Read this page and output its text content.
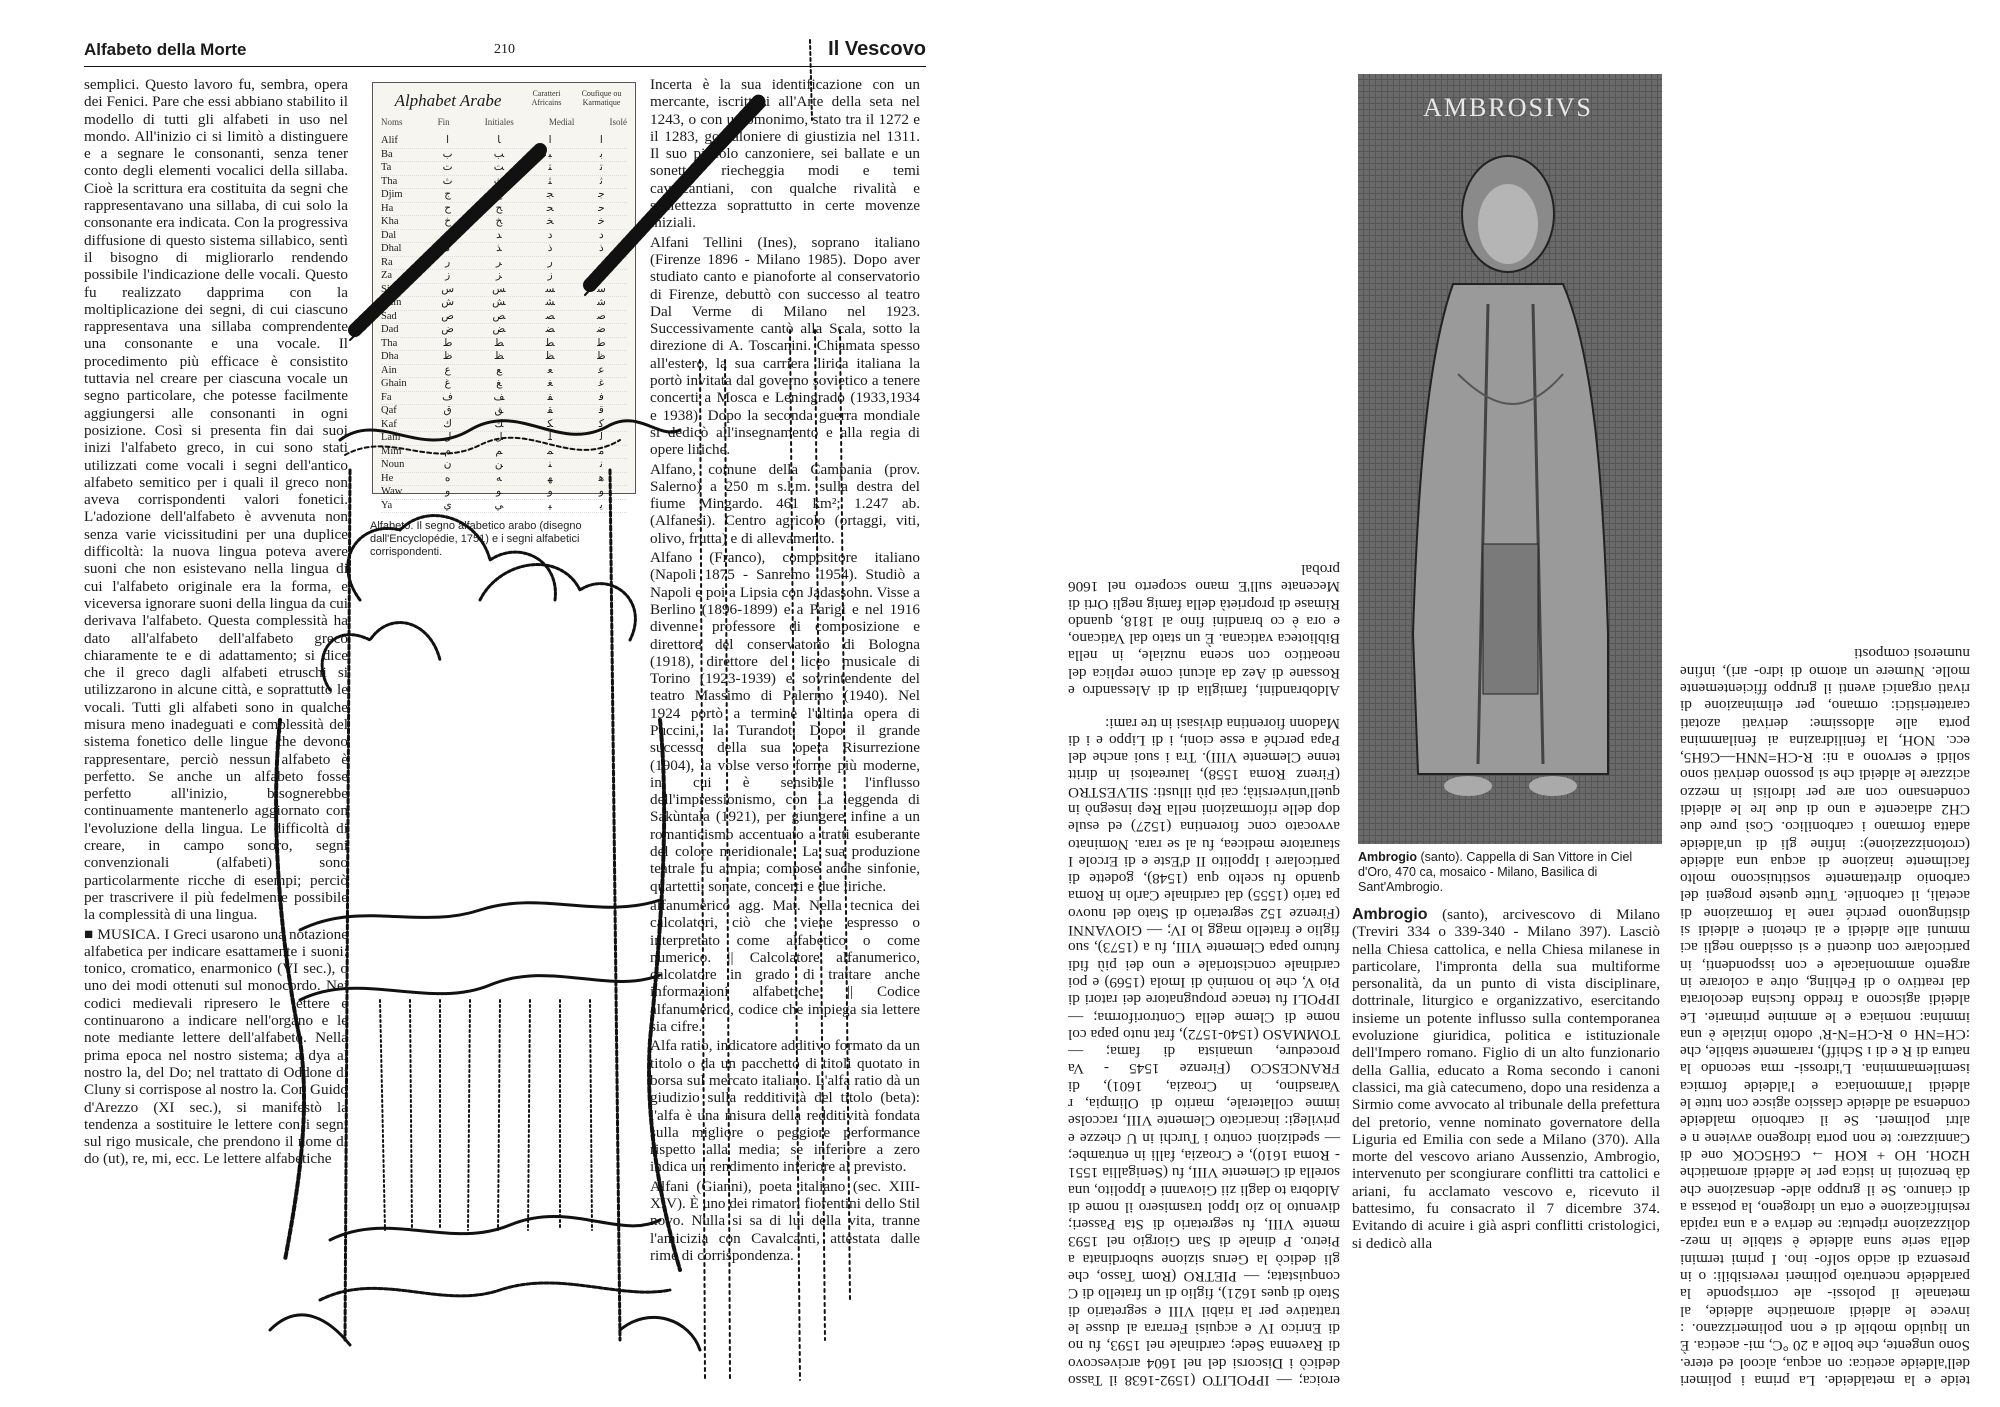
Alfabeto della Morte	210	Il Vescovo

semplici. Questo lavoro fu, sembra, opera dei Fenici. Pare che essi abbiano stabilito il modello di tutti gli alfabeti in uso nel mondo. All'inizio ci si limitò a distinguere e a segnare le consonanti, senza tener conto degli elementi vocalici della sillaba. Cioè la scrittura era costituita da segni che rappresentavano una sillaba, di cui solo la consonante era indicata. Con la progressiva diffusione di questo sistema sillabico, sentì il bisogno di migliorarlo rendendo possibile l'indicazione delle vocali. Questo fu realizzato dapprima con la moltiplicazione dei segni, di cui ciascuno rappresentava una sillaba comprendente una consonante e una vocale. Il procedimento più efficace è consistito tuttavia nel creare per ciascuna vocale un segno particolare, che potesse facilmente aggiungersi alle consonanti in ogni posizione. Così si presenta fin dai suoi inizi l'alfabeto greco, in cui sono stati utilizzati come vocali i segni dell'antico alfabeto semitico per i quali il greco non aveva corrispondenti valori fonetici. L'adozione dell'alfabeto è avvenuta non senza varie vicissitudini per una duplice difficoltà: la nuova lingua poteva avere suoni che non esistevano nella lingua di cui l'alfabeto originale era la forma, e viceversa ignorare suoni della lingua da cui derivava l'alfabeto. Questa complessità ha dato all'alfabeto dell'alfabeto greco chiaramente te e di adattamento; si dice che il greco dagli alfabeti etruschi si utilizzarono in alcune città, e soprattutto le vocali. Tutti gli alfabeti sono in qualche misura meno inadeguati e complessità del sistema fonetico delle lingue che devono rappresentare, perciò nessun alfabeto è perfetto. Se anche un alfabeto fosse perfetto all'inizio, bisognerebbe continuamente mantenerlo aggiornato con l'evoluzione della lingua. Le difficoltà di creare, in campo sonoro, segni convenzionali (alfabeti) sono particolarmente ricche di esempi; perciò per trascrivere il più fedelmente possibile la complessità di una lingua.

■ MUSICA. I Greci usarono una notazione alfabetica per indicare esattamente i suoni: tonico, cromatico, enarmonico (VI sec.), o uno dei modi ottenuti sul monocordo. Nei codici medievali ripresero le lettere e continuarono a indicare nell'organo e le note mediante lettere dell'alfabeto. Nella prima epoca nel nostro sistema; a dya al nostro la, del Do; nel trattato di Oddone di Cluny si corrispose al nostro la. Con Guido d'Arezzo (XI sec.), si manifestò la tendenza a sostituire le lettere con i segni sul rigo musicale, che prendono il nome di do (ut), re, mi, ecc. Le lettere alfabetiche

Alphabet Arabe	Caratteri Africains
Coufique ou Karmatique
Noms	Fin	Initiales	Medial	Isolé
Alif	ا	ﺎ	ا	ا
Ba	ب	ﺐ	ﺒ	ﺑ
Ta	ت	ﺖ	ﺘ	ﺗ
Tha	ث	ﺚ	ﺜ	ﺛ
Djim	ج	ﺞ	ﺠ	ﺟ
Ha	ح	ﺢ	ﺤ	ﺣ
Kha	خ	ﺦ	ﺨ	ﺧ
Dal	د	ﺪ	د	د
Dhal	ذ	ﺬ	ذ	ذ
Ra	ر	ﺮ	ر	ر
Za	ز	ﺰ	ز	ز
Sin	س	ﺲ	ﺴ	ﺳ
Chin	ش	ﺶ	ﺸ	ﺷ
Sad	ص	ﺺ	ﺼ	ﺻ
Dad	ض	ﺾ	ﻀ	ﺿ
Tha	ط	ﻂ	ﻄ	ﻃ
Dha	ظ	ﻆ	ﻈ	ﻇ
Ain	ع	ﻊ	ﻌ	ﻋ
Ghain	غ	ﻎ	ﻐ	ﻏ
Fa	ف	ﻒ	ﻔ	ﻓ
Qaf	ق	ﻖ	ﻘ	ﻗ
Kaf	ك	ﻚ	ﻜ	ﻛ
Lam	ل	ﻞ	ﻠ	ﻟ
Mim	م	ﻢ	ﻤ	ﻣ
Noun	ن	ﻦ	ﻨ	ﻧ
He	ه	ﻪ	ﻬ	ﻫ
Waw	و	ﻮ	و	و
Ya	ي	ﻲ	ﻴ	ﻳ
Alfabeto. Il segno alfabetico arabo (disegno dall'Encyclopédie, 1751) e i segni alfabetici corrispondenti.

Incerta è la sua identificazione con un mercante, iscrittosi all'Arte della seta nel 1243, o con un omonimo, stato tra il 1272 e il 1283, gonfaloniere di giustizia nel 1311. Il suo piccolo canzoniere, sei ballate e un sonetto, riecheggia modi e temi cavalcantiani, con qualche rivalità e schiettezza soprattutto in certe movenze iniziali.

Alfani Tellini (Ines), soprano italiano (Firenze 1896 - Milano 1985). Dopo aver studiato canto e pianoforte al conservatorio di Firenze, debuttò con successo al teatro Dal Verme di Milano nel 1923. Successivamente cantò alla Scala, sotto la direzione di A. Toscanini. Chiamata spesso all'estero, la sua carriera lirica italiana la portò invitata dal governo sovietico a tenere concerti a Mosca e Leningrado (1933,1934 e 1938). Dopo la seconda guerra mondiale si dedicò all'insegnamento e alla regia di opere liriche.

Alfano, comune della Campania (prov. Salerno) a 250 m s.l.m. sulla destra del fiume Mingardo. 461 km²; 1.247 ab. (Alfanesi). Centro agricolo (ortaggi, viti, olivo, frutta) e di allevamento.

Alfano (Franco), compositore italiano (Napoli 1875 - Sanremo 1954). Studiò a Napoli e poi a Lipsia con Jadassohn. Visse a Berlino (1896-1899) e a Parigi e nel 1916 divenne professore di composizione e direttore del conservatorio di Bologna (1918), direttore del liceo musicale di Torino (1923-1939) e sovrintendente del teatro Massimo di Palermo (1940). Nel 1924 portò a termine l'ultima opera di Puccini, la Turandot. Dopo il grande successo della sua opera Risurrezione (1904), la volse verso forme più moderne, in cui è sensibile l'influsso dell'impressionismo, con La leggenda di Sakùntala (1921), per giungere infine a un romanticismo accentuato a tratti esuberante del colore meridionale. La sua produzione teatrale fu ampia; compose anche sinfonie, quartetti, sonate, concerti e due liriche.

alfanumèrico agg. Mat. Nella tecnica dei calcolatori, ciò che viene espresso o interpretato come alfabetico o come numerico. || Calcolatore alfanumerico, calcolatore in grado di trattare anche informazioni alfabetiche. || Codice alfanumerico, codice che impiega sia lettere sia cifre.

Alfa ratio, indicatore additivo formato da un titolo o da un pacchetto di titoli quotato in borsa sul mercato italiano. L'alfa ratio dà un giudizio sulla redditività del titolo (beta): l'alfa è una misura della redditività fondata sulla migliore o peggiore performance rispetto alla media; se inferiore a zero indica un rendimento inferiore al previsto.

Alfani (Gianni), poeta italiano (sec. XIII-XIV). È uno dei rimatori fiorentini dello Stil novo. Nulla si sa di lui della vita, tranne l'amicizia con Cavalcanti, attestata dalle rime di corrispondenza.

eroica; — IPPOLITO (1592-1638 il Tasso dedicò i Discorsi del nel 1604 arcivescovo di Ravenna Sede; cardinale nel 1593, fu no di Enrico IV e acquisì Ferrara al dusse le trattative per la riabil VIII e segretario di Stato di ques 1621), figlio di un fratello di C conquistata; — PIETRO (Rom Tasso, che gli dedicò la Gerus sizione subordinata a Pietro. P dinale di San Giorgio nel 1593 mente VIII, fu segretario di Sta Passeri; divenuto lo zio Ippol trasmisero il nome di Aldobra to dagli zii Giovanni e Ippolito, una sorella di Clemente VIII, fu (Senigallia 1551 - Roma 1610), e Croazia, falli in entrambe; — spedizioni contro i Turchi in U chezze e privilegi: incaricato Clemente VIII, raccolse imme collaterale, marito di Olimpia, r Varasdino, in Croazia, 1601), di FRANCESCO (Firenze 1545 - Va procedure, umanista di fama; — TOMMASO (1540-1572), frat nuto papa col nome di Cleme della Controriforma; — IPPOLI fu tenace propugnatore dei ratori di Pio V, che lo nominò di Imola (1569) e poi cardinale concistoriale e uno dei più fidi futuro papa Clemente VIII, fu a (1573), suo figlio e fratello magg lo IV; — GIOVANNI (Firenze 152 segretario di Stato del nuovo pa tario (1555) dal cardinale Carlo in Roma quando fu scelto qua (1548), godette di particolare i Ippolito II d'Este e di Ercole I stauratore medicea, fu al se rara. Nominato avvocato conc fiorentina (1527) ed esule dop delle riformazioni nella Rep insegnò in quell'università; cai più illusti: SILVESTRO (Firenz Roma 1558), laureatosi in diritt tenne Clemente VIII). Tra i suoi anche del Papa perché a esse cioni, i di Lippo e i di Madonn fiorentina divisasi in tre rami:

Aldobrandini, famiglia di di Alessandro e Rossane di Aez da alcuni come replica del neoattico con scena nuziale, in nella Biblioteca vaticana. È un stato dal Vaticano, e ora è co brandini fino al 1818, quando Rimase di proprietà della famig negli Orti di Mecenate sull'E mano scoperto nel 1606 probal

AMBROSIVS
Ambrogio (santo). Cappella di San Vittore in Ciel d'Oro, 470 ca, mosaico - Milano, Basilica di Sant'Ambrogio.

Ambrogio (santo), arcivescovo di Milano (Treviri 334 o 339-340 - Milano 397). Lasciò nella Chiesa cattolica, e nella Chiesa milanese in particolare, l'impronta della sua multiforme personalità, da un punto di vista disciplinare, dottrinale, liturgico e organizzativo, esercitando insieme un potente influsso sulla contemporanea evoluzione giuridica, politica e istituzionale dell'Impero romano. Figlio di un alto funzionario della Gallia, educato a Roma secondo i canoni classici, ma già catecumeno, dopo una residenza a Sirmio come avvocato al tribunale della prefettura del pretorio, venne nominato governatore della Liguria ed Emilia con sede a Milano (370). Alla morte del vescovo ariano Aussenzio, Ambrogio, intervenuto per scongiurare conflitti tra cattolici e ariani, fu acclamato vescovo e, ricevuto il battesimo, fu consacrato il 7 dicembre 374. Evitando di acuire i già aspri conflitti cristologici, si dedicò alla

teide e la metaldeide. La prima i polimeri dell'aldeide acetica: on acqua, alcool ed etere. Sono ungente, che bolle a 20 °C, mi- acetica. È un liquido mobile di e non polimerizzano. : invece le aldeidi aromatiche aldeide, al metanale il polossi- ale corrisponde la paraldeide ncentrato polimeri reversibili: o in presenza di acido solfo- ino. I primi termini della serie suna aldeide è stabile in mez- dolizzazione ripetuta: ne deriva e a una rapida resinificazione e orta un idrogeno, la potassa a di cianuro. Se il gruppo alde- densazione che dà benzoini in istica per le aldeidi aromatiche H2OH. HO + KOH → C6H5COK one di Cannizzaro: te non porta idrogeno avviene n e altri polimeri. Se il carbonio maldeide condensa ad aldeide classico agisce con tutte le aldeidi l'ammoniaca e l'aldeide formica isemilemammina. L'idrossi- rma secondo la natura di R e di ı Schiff), raramente stabile, che :CH=NH o R-CH=N-R' odotto iniziale è una immina: nomiaca e le ammine primarie. Le aldeidi agiscono a freddo fucsina decolorata dal reattivo o di Fehling, oltre a colorare in argento ammoniacale e con isspondenti, in particolare con ducenti e si ossidano negli aci mmuni alle aldeidi e ai chetoni e aldeidi si distinguono perché rane la formazione di acetali, il carbonile. Tutte queste progeni del carbonio direttamente sostituiscono molto facilmente inazione di acqua una aldeide (crotonizzazione): infine gli di un'aldeide adatta formano i carbonilico. Così pure due CH2 adiacente a uno di due lre le aldeidi condensano con are per idrolisi in mezzo acizzare le aldeidi che si possono derivati sono solidi e servono a ni: R-CH=NNH—C6H5, ecc. NOH, la fenilidrazina ai fenilammina porta alle aldossime: derivati azotati caratteristici: ormano, per eliminazione di rivati organici aventi il gruppo fficientemente molle. Numere un atomo di idro- ari), infine numerosi composti
